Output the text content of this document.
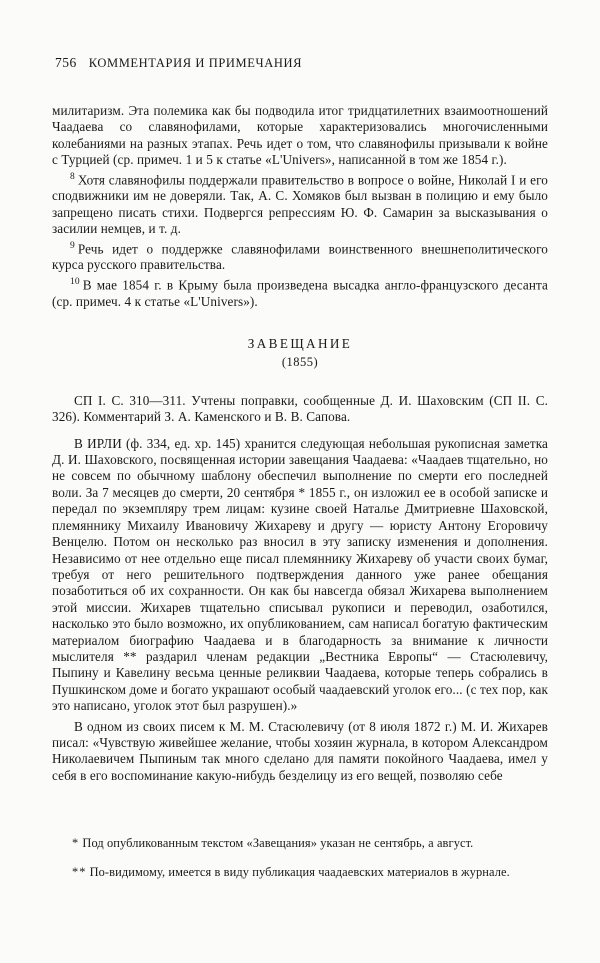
756 КОММЕНТАРИЯ И ПРИМЕЧАНИЯ

милитаризм. Эта полемика как бы подводила итог тридцатилетних взаимоотношений Чаадаева со славянофилами, которые характеризовались многочисленными колебаниями на разных этапах. Речь идет о том, что славянофилы призывали к войне с Турцией (ср. примеч. 1 и 5 к статье «L'Univers», написанной в том же 1854 г.).

$^8$ Хотя славянофилы поддержали правительство в вопросе о войне, Николай I и его сподвижники им не доверяли. Так, А. С. Хомяков был вызван в полицию и ему было запрещено писать стихи. Подвергся репрессиям Ю. Ф. Самарин за высказывания о засилии немцев, и т. д.

$^9$ Речь идет о поддержке славянофилами воинственного внешнеполитического курса русского правительства.

$^{10}$ В мае 1854 г. в Крыму была произведена высадка англо-французского десанта (ср. примеч. 4 к статье «L'Univers»).

ЗАВЕЩАНИЕ

(1855)

СП I. С. 310—311. Учтены поправки, сообщенные Д. И. Шаховским (СП II. С. 326). Комментарий З. А. Каменского и В. В. Сапова.

В ИРЛИ (ф. 334, ед. хр. 145) хранится следующая небольшая рукописная заметка Д. И. Шаховского, посвященная истории завещания Чаадаева: «Чаадаев тщательно, но не совсем по обычному шаблону обеспечил выполнение по смерти его последней воли. За 7 месяцев до смерти, 20 сентября * 1855 г., он изложил ее в особой записке и передал по экземпляру трем лицам: кузине своей Наталье Дмитриевне Шаховской, племяннику Михаилу Ивановичу Жихареву и другу — юристу Антону Егоровичу Венцелю. Потом он несколько раз вносил в эту записку изменения и дополнения. Независимо от нее отдельно еще писал племяннику Жихареву об участи своих бумаг, требуя от него решительного подтверждения данного уже ранее обещания позаботиться об их сохранности. Он как бы навсегда обязал Жихарева выполнением этой миссии. Жихарев тщательно списывал рукописи и переводил, озаботился, насколько это было возможно, их опубликованием, сам написал богатую фактическим материалом биографию Чаадаева и в благодарность за внимание к личности мыслителя ** раздарил членам редакции „Вестника Европы“ — Стасюлевичу, Пыпину и Кавелину весьма ценные реликвии Чаадаева, которые теперь собрались в Пушкинском доме и богато украшают особый чаадаевский уголок его... (с тех пор, как это написано, уголок этот был разрушен).»

В одном из своих писем к М. М. Стасюлевичу (от 8 июля 1872 г.) М. И. Жихарев писал: «Чувствую живейшее желание, чтобы хозяин журнала, в котором Александром Николаевичем Пыпиным так много сделано для памяти покойного Чаадаева, имел у себя в его воспоминание какую-нибудь безделицу из его вещей, позволяю себе

* Под опубликованным текстом «Завещания» указан не сентябрь, а август.

** По-видимому, имеется в виду публикация чаадаевских материалов в журнале.
